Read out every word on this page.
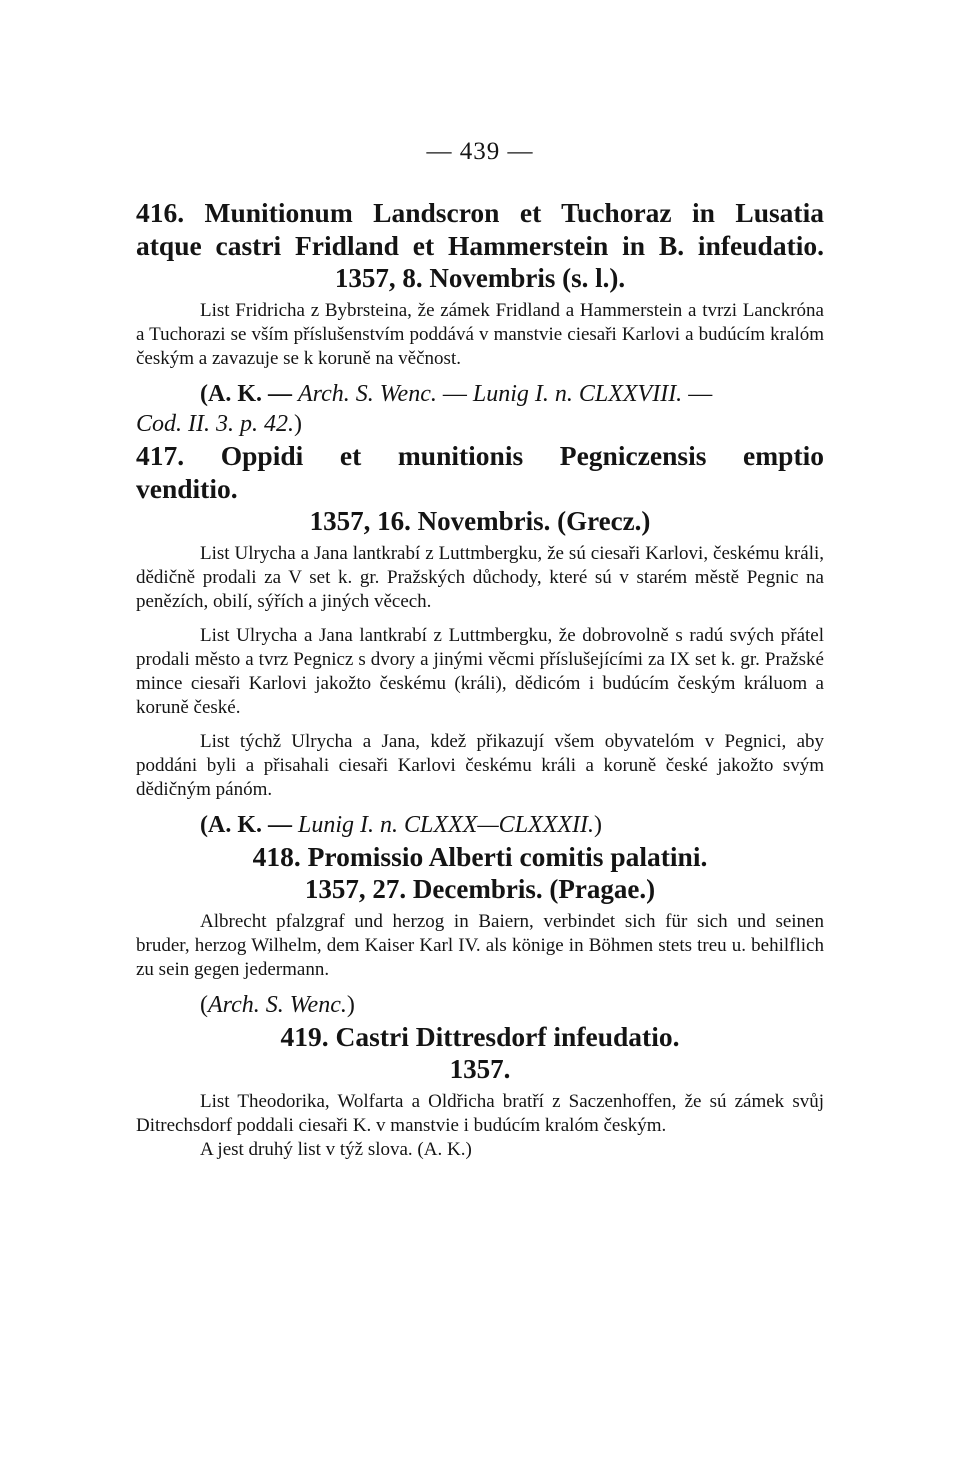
— 439 —
416. Munitionum Landscron et Tuchoraz in Lusatia
atque castri Fridland et Hammerstein in B. infeudatio.
1357, 8. Novembris (s. l.).

List Fridricha z Bybrsteina, že zámek Fridland a Hammerstein a tvrzi Lanckróna a Tuchorazi se vším příslušenstvím poddává v manstvie ciesaři Karlovi a budúcím kralóm českým a zavazuje se k koruně na věčnost.

(A. K. — Arch. S. Wenc. — Lunig I. n. CLXXVIII. —

Cod. II. 3. p. 42.)

417. Oppidi et munitionis Pegniczensis emptio
venditio.
1357, 16. Novembris. (Grecz.)

List Ulrycha a Jana lantkrabí z Luttmbergku, že sú ciesaři Karlovi, českému králi, dědičně prodali za V set k. gr. Pražských důchody, které sú v starém městě Pegnic na penězích, obilí, sýřích a jiných věcech.

List Ulrycha a Jana lantkrabí z Luttmbergku, že dobrovolně s radú svých přátel prodali město a tvrz Pegnicz s dvory a jinými věcmi příslušejícími za IX set k. gr. Pražské mince ciesaři Karlovi jakožto českému (králi), dědicóm i budúcím českým králuom a koruně české.

List týchž Ulrycha a Jana, kdež přikazují všem obyvatelóm v Pegnici, aby poddáni byli a přisahali ciesaři Karlovi českému králi a koruně české jakožto svým dědičným pánóm.

(A. K. — Lunig I. n. CLXXX—CLXXXII.)

418. Promissio Alberti comitis palatini.
1357, 27. Decembris. (Pragae.)

Albrecht pfalzgraf und herzog in Baiern, verbindet sich für sich und seinen bruder, herzog Wilhelm, dem Kaiser Karl IV. als könige in Böhmen stets treu u. behilflich zu sein gegen jedermann.

(Arch. S. Wenc.)

419. Castri Dittresdorf infeudatio.
1357.

List Theodorika, Wolfarta a Oldřicha bratří z Saczenhoffen, že sú zámek svůj Ditrechsdorf poddali ciesaři K. v manstvie i budúcím kralóm českým.

A jest druhý list v týž slova. (A. K.)
